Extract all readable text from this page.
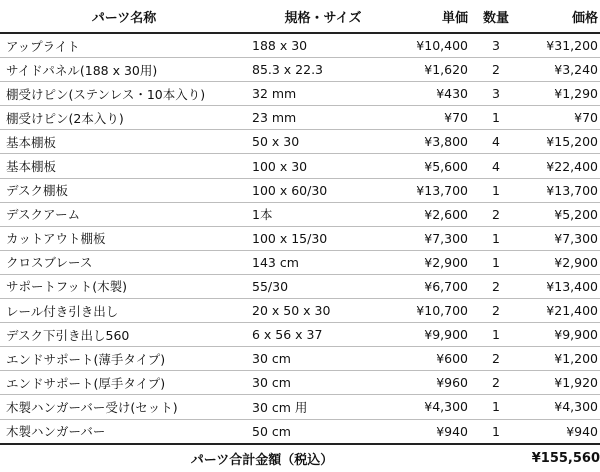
パーツ名称	規格・サイズ	単価	数量	価格
アップライト	188 x 30	¥10,400	3	¥31,200
サイドパネル(188 x 30用)	85.3 x 22.3	¥1,620	2	¥3,240
棚受けピン(ステンレス・10本入り)	32 mm	¥430	3	¥1,290
棚受けピン(2本入り)	23 mm	¥70	1	¥70
基本棚板	50 x 30	¥3,800	4	¥15,200
基本棚板	100 x 30	¥5,600	4	¥22,400
デスク棚板	100 x 60/30	¥13,700	1	¥13,700
デスクアーム	1本	¥2,600	2	¥5,200
カットアウト棚板	100 x 15/30	¥7,300	1	¥7,300
クロスブレース	143 cm	¥2,900	1	¥2,900
サポートフット(木製)	55/30	¥6,700	2	¥13,400
レール付き引き出し	20 x 50 x 30	¥10,700	2	¥21,400
デスク下引き出し560	6 x 56 x 37	¥9,900	1	¥9,900
エンドサポート(薄手タイプ)	30 cm	¥600	2	¥1,200
エンドサポート(厚手タイプ)	30 cm	¥960	2	¥1,920
木製ハンガーバー受け(セット)	30 cm 用	¥4,300	1	¥4,300
木製ハンガーバー	50 cm	¥940	1	¥940
パーツ合計金額（税込）				¥155,560
